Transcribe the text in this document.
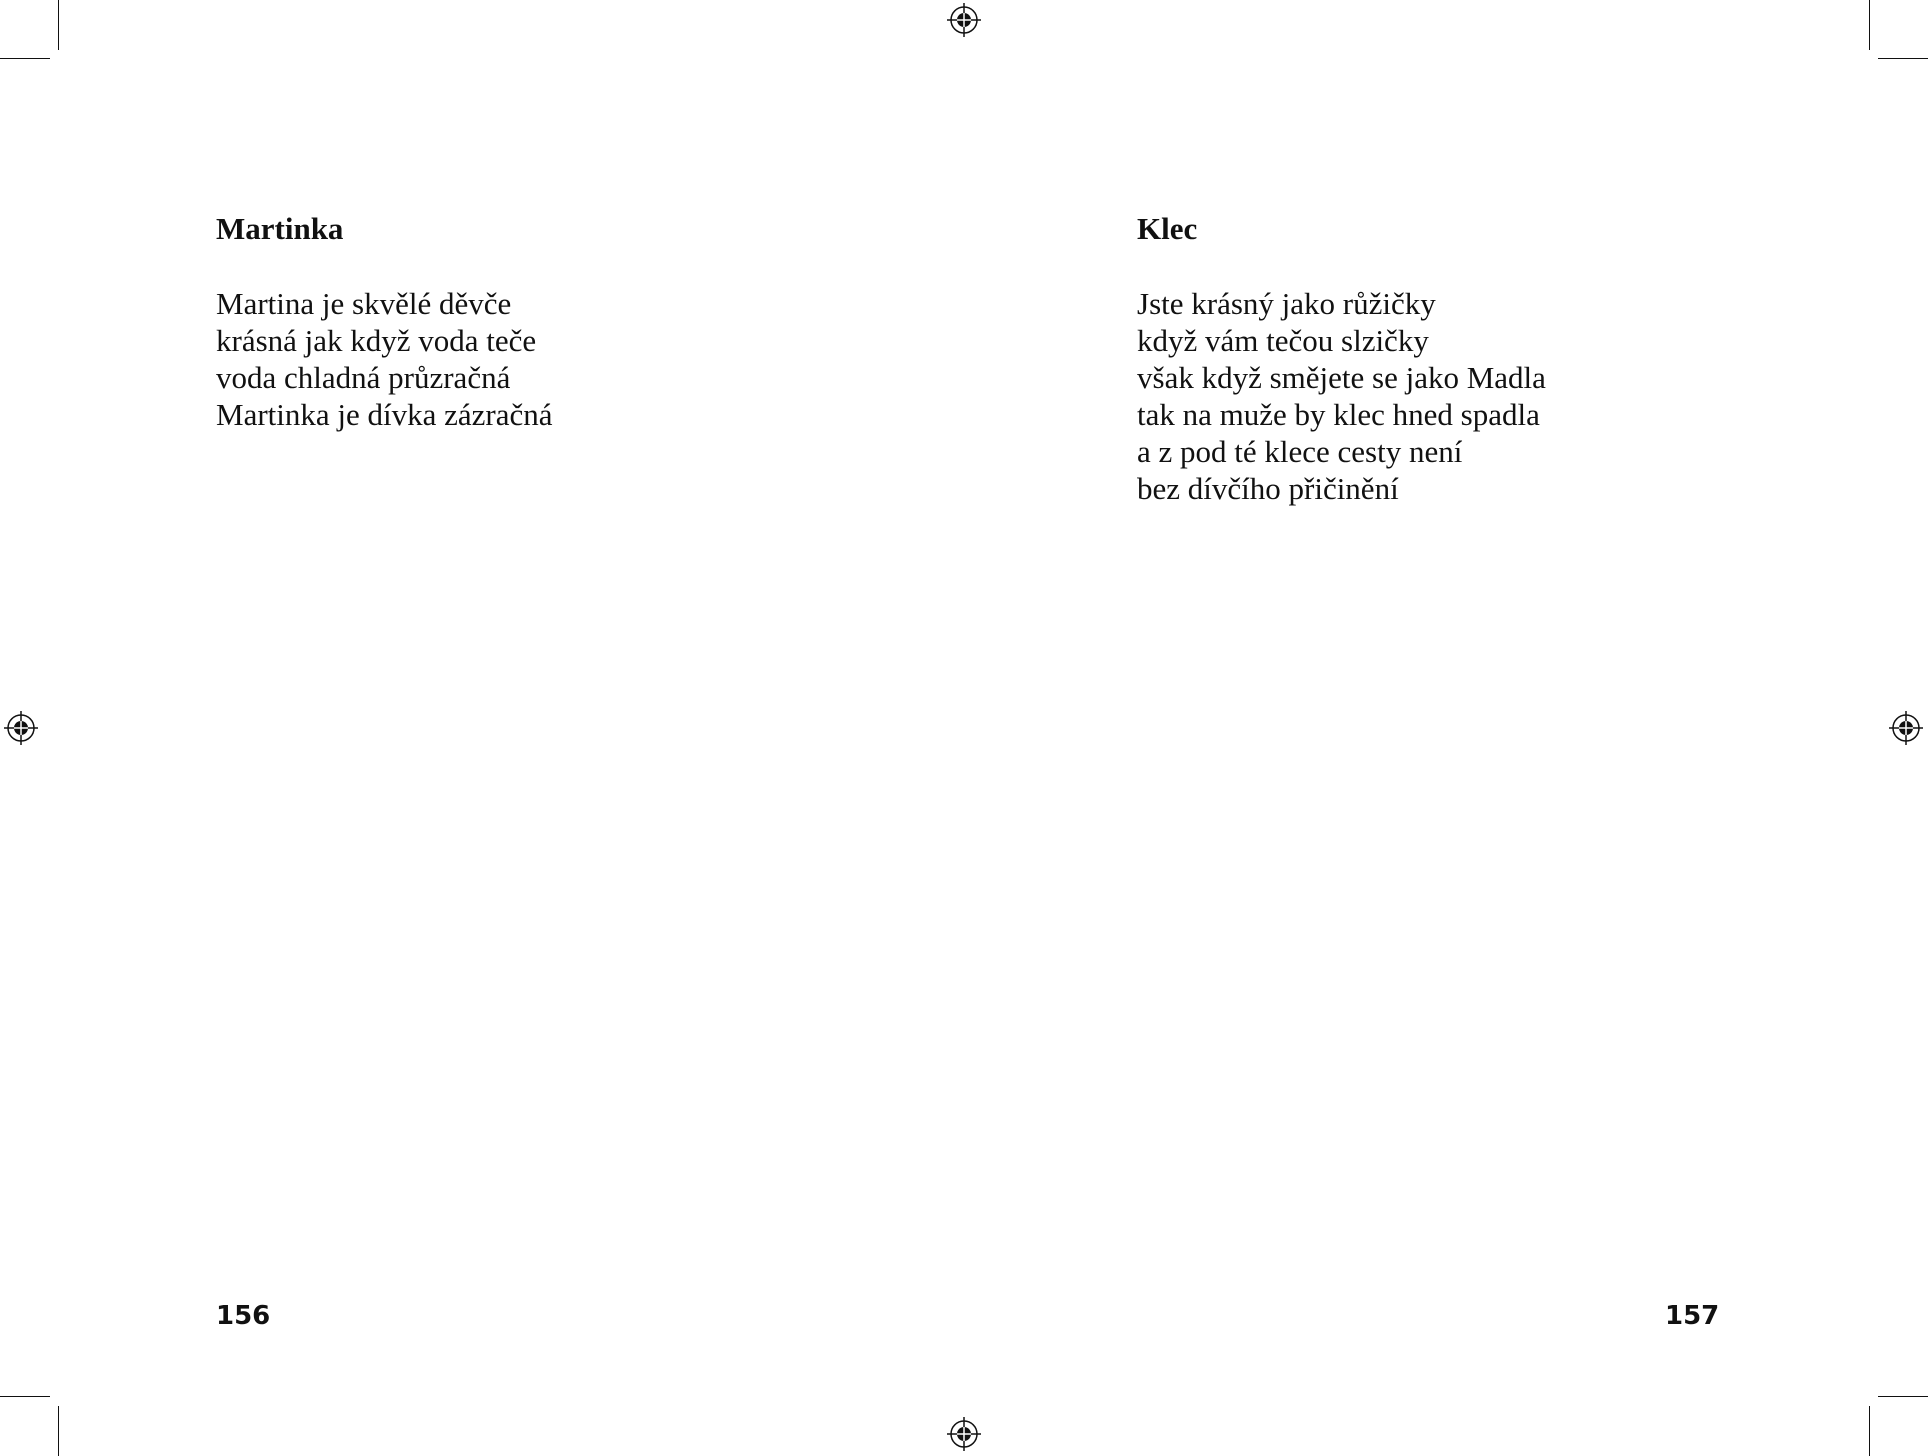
Martinka
Martina je skvělé děvče
krásná jak když voda teče
voda chladná průzračná
Martinka je dívka zázračná
156
Klec
Jste krásný jako růžičky
když vám tečou slzičky
však když smějete se jako Madla
tak na muže by klec hned spadla
a z pod té klece cesty není
bez dívčího přičinění
157
